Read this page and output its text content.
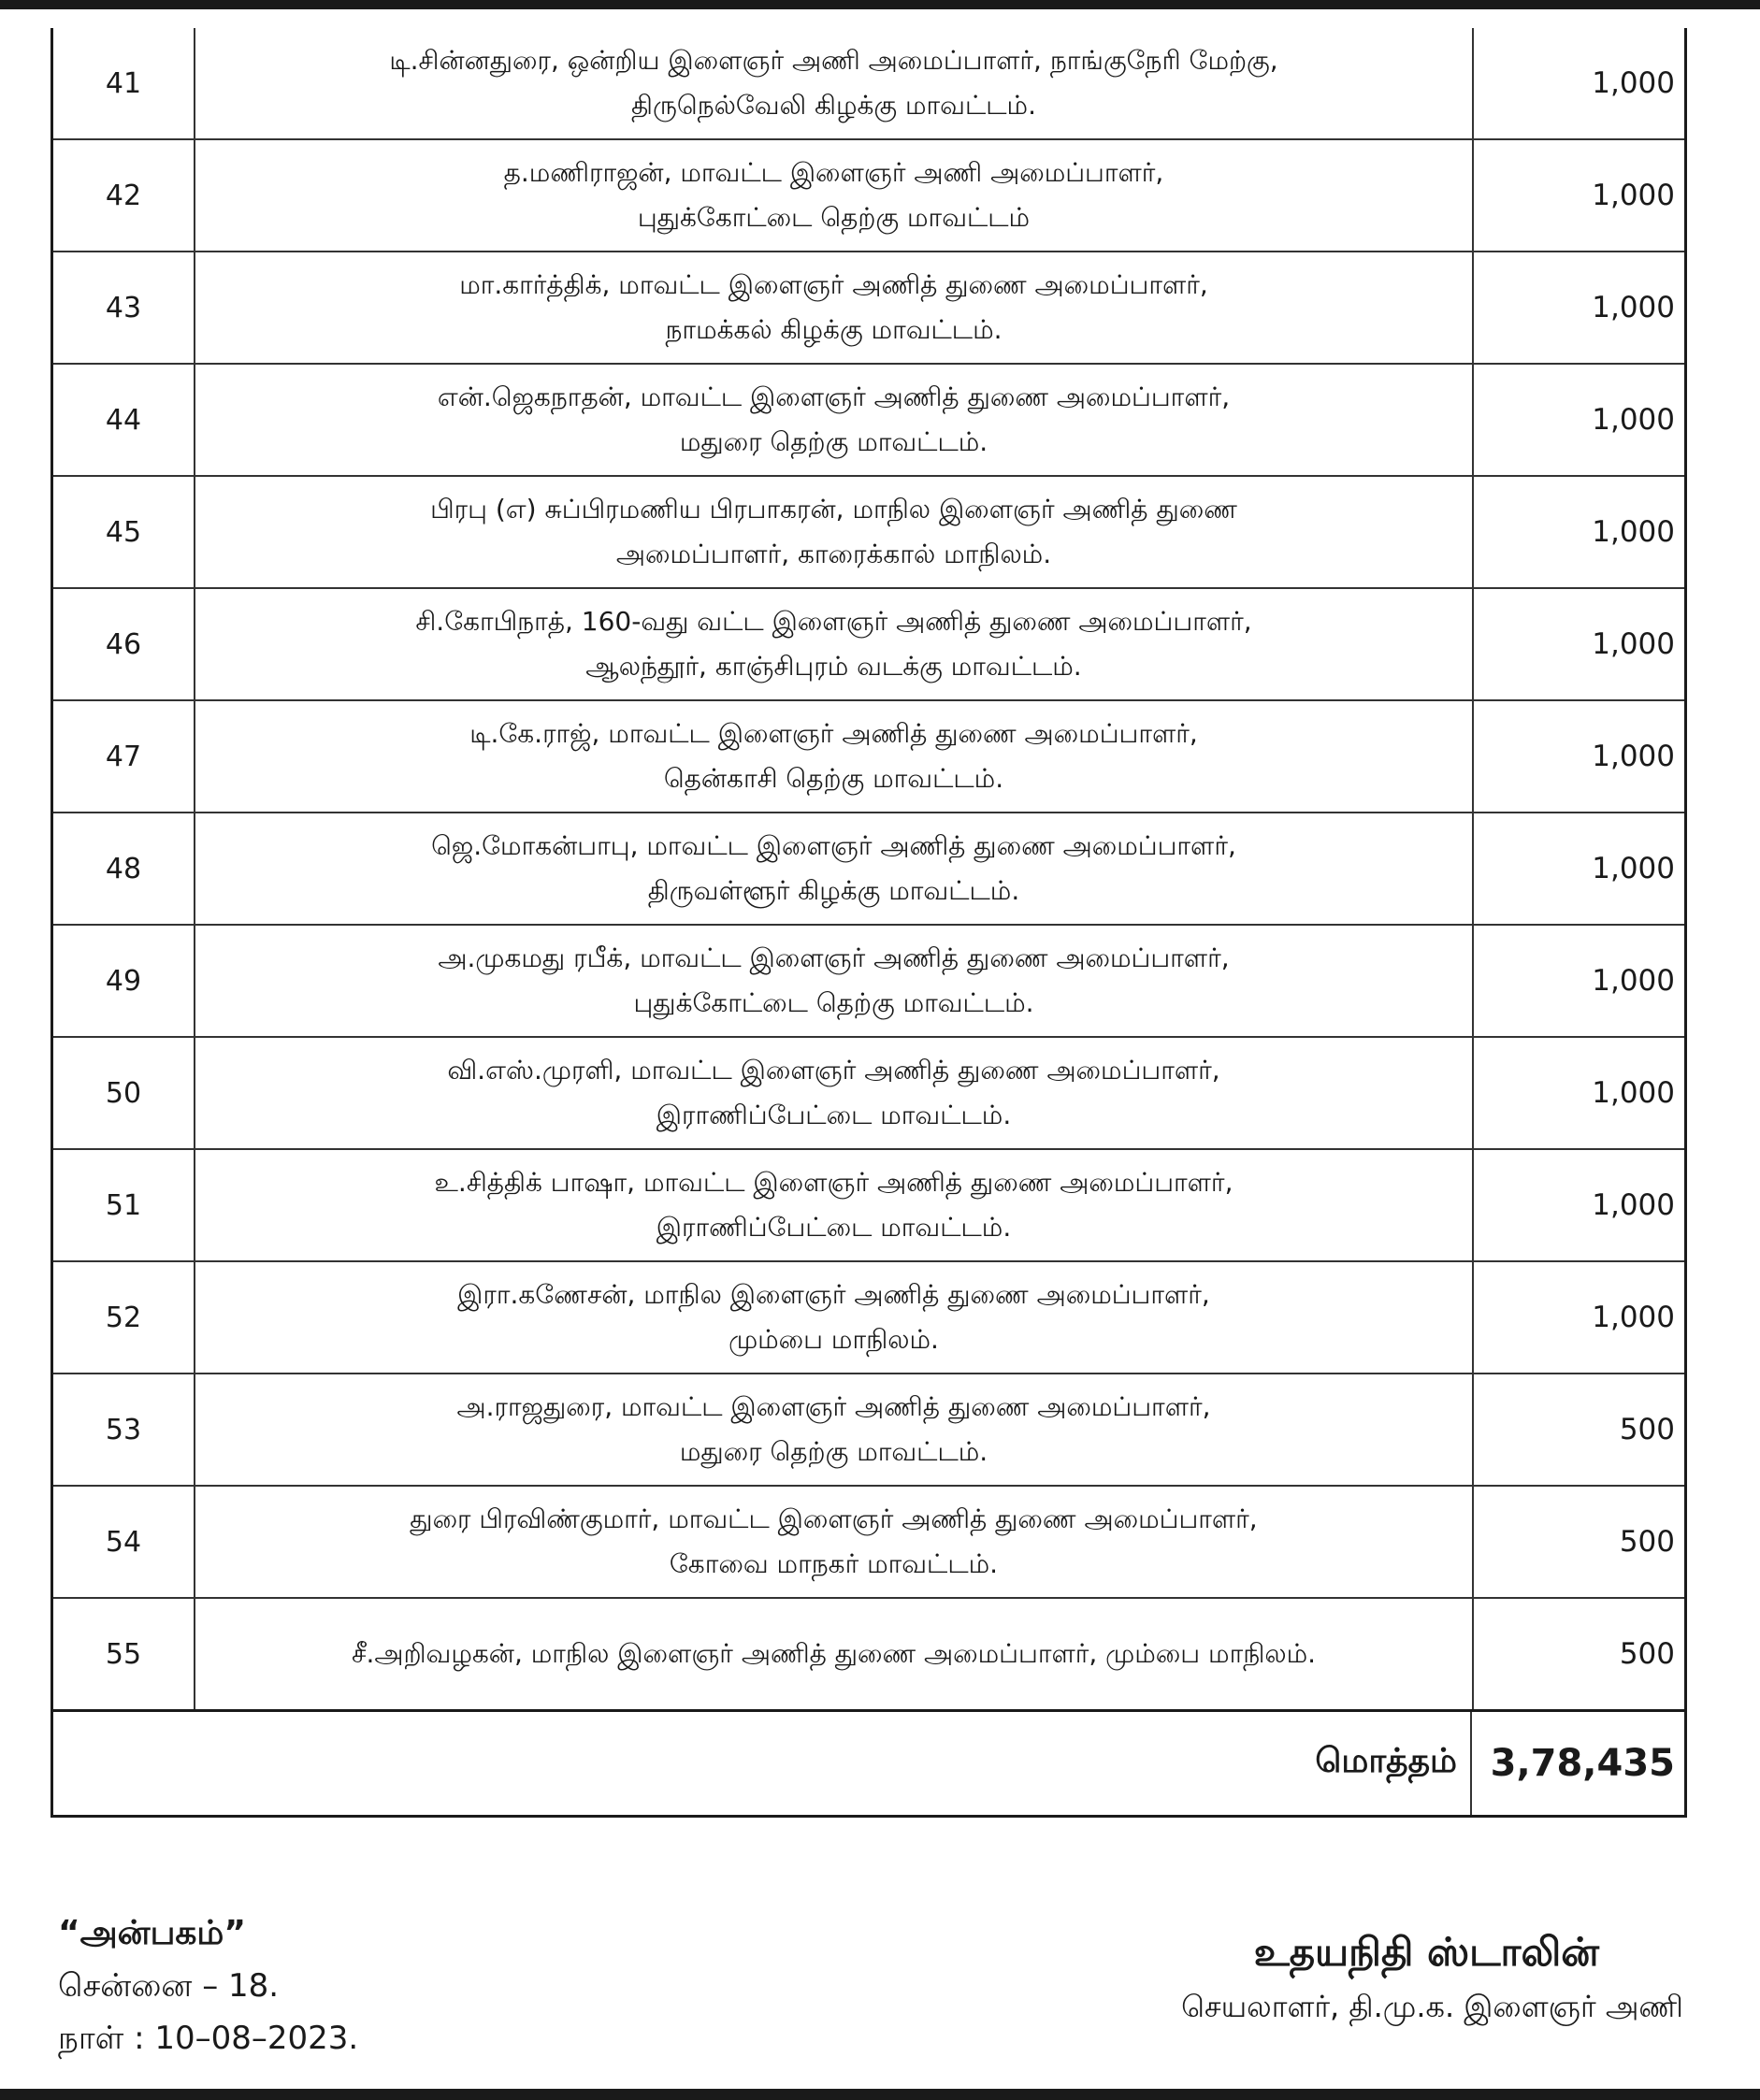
41
டி.சின்னதுரை, ஒன்றிய இளைஞர் அணி அமைப்பாளர், நாங்குநேரி மேற்கு,
திருநெல்வேலி கிழக்கு மாவட்டம்.
1,000
42
த.மணிராஜன், மாவட்ட இளைஞர் அணி அமைப்பாளர்,
புதுக்கோட்டை தெற்கு மாவட்டம்
1,000
43
மா.கார்த்திக், மாவட்ட இளைஞர் அணித் துணை அமைப்பாளர்,
நாமக்கல் கிழக்கு மாவட்டம்.
1,000
44
என்.ஜெகநாதன், மாவட்ட இளைஞர் அணித் துணை அமைப்பாளர்,
மதுரை தெற்கு மாவட்டம்.
1,000
45
பிரபு (எ) சுப்பிரமணிய பிரபாகரன், மாநில இளைஞர் அணித் துணை
அமைப்பாளர், காரைக்கால் மாநிலம்.
1,000
46
சி.கோபிநாத், 160-வது வட்ட இளைஞர் அணித் துணை அமைப்பாளர்,
ஆலந்தூர், காஞ்சிபுரம் வடக்கு மாவட்டம்.
1,000
47
டி.கே.ராஜ், மாவட்ட இளைஞர் அணித் துணை அமைப்பாளர்,
தென்காசி தெற்கு மாவட்டம்.
1,000
48
ஜெ.மோகன்பாபு, மாவட்ட இளைஞர் அணித் துணை அமைப்பாளர்,
திருவள்ளூர் கிழக்கு மாவட்டம்.
1,000
49
அ.முகமது ரபீக், மாவட்ட இளைஞர் அணித் துணை அமைப்பாளர்,
புதுக்கோட்டை தெற்கு மாவட்டம்.
1,000
50
வி.எஸ்.முரளி, மாவட்ட இளைஞர் அணித் துணை அமைப்பாளர்,
இராணிப்பேட்டை மாவட்டம்.
1,000
51
உ.சித்திக் பாஷா, மாவட்ட இளைஞர் அணித் துணை அமைப்பாளர்,
இராணிப்பேட்டை மாவட்டம்.
1,000
52
இரா.கணேசன், மாநில இளைஞர் அணித் துணை அமைப்பாளர்,
மும்பை மாநிலம்.
1,000
53
அ.ராஜதுரை, மாவட்ட இளைஞர் அணித் துணை அமைப்பாளர்,
மதுரை தெற்கு மாவட்டம்.
500
54
துரை பிரவிண்குமார், மாவட்ட இளைஞர் அணித் துணை அமைப்பாளர்,
கோவை மாநகர் மாவட்டம்.
500
55	சீ.அறிவழகன், மாநில இளைஞர் அணித் துணை அமைப்பாளர், மும்பை மாநிலம்.	500
மொத்தம் 3,78,435
“அன்பகம்”
சென்னை – 18.
நாள் : 10–08–2023.
உதயநிதி ஸ்டாலின்
செயலாளர், தி.மு.க. இளைஞர் அணி
